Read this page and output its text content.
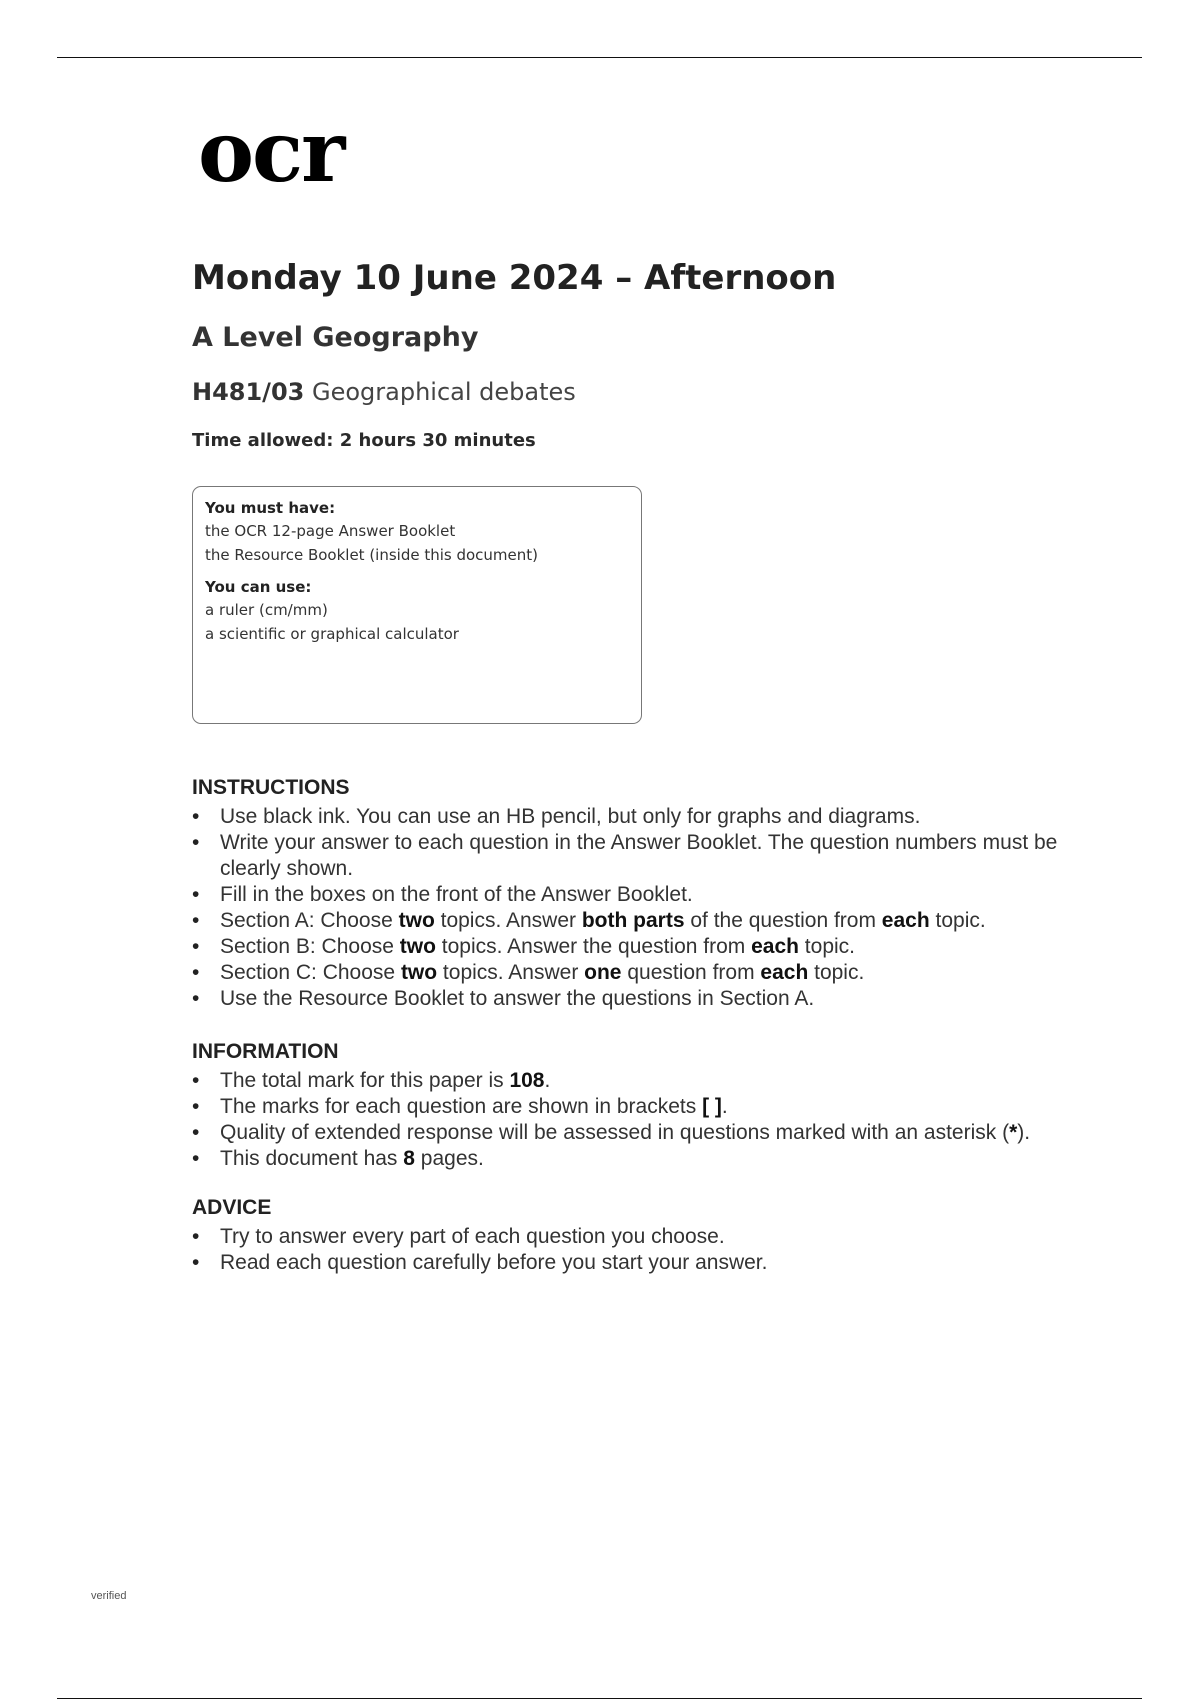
ocr
Monday 10 June 2024 – Afternoon
A Level Geography
H481/03 Geographical debates
Time allowed: 2 hours 30 minutes
You must have:
the OCR 12-page Answer Booklet
the Resource Booklet (inside this document)
You can use:
a ruler (cm/mm)
a scientific or graphical calculator
INSTRUCTIONS
• Use black ink. You can use an HB pencil, but only for graphs and diagrams.
• Write your answer to each question in the Answer Booklet. The question numbers must be clearly shown.
• Fill in the boxes on the front of the Answer Booklet.
• Section A: Choose two topics. Answer both parts of the question from each topic.
• Section B: Choose two topics. Answer the question from each topic.
• Section C: Choose two topics. Answer one question from each topic.
• Use the Resource Booklet to answer the questions in Section A.
INFORMATION
• The total mark for this paper is 108.
• The marks for each question are shown in brackets [ ].
• Quality of extended response will be assessed in questions marked with an asterisk (*).
• This document has 8 pages.
ADVICE
• Try to answer every part of each question you choose.
• Read each question carefully before you start your answer.
verified
